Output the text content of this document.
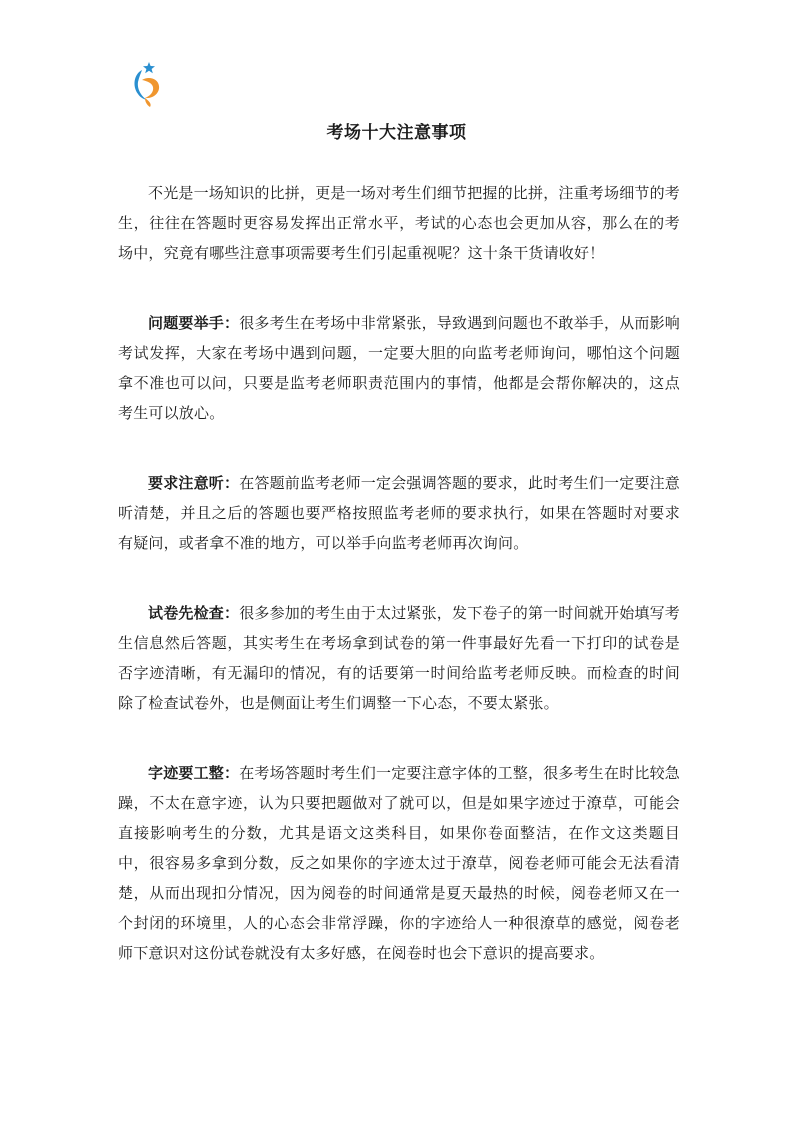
考场十大注意事项

不光是一场知识的比拼，更是一场对考生们细节把握的比拼，注重考场细节的考生，往往在答题时更容易发挥出正常水平，考试的心态也会更加从容，那么在的考场中，究竟有哪些注意事项需要考生们引起重视呢？这十条干货请收好！

问题要举手：很多考生在考场中非常紧张，导致遇到问题也不敢举手，从而影响考试发挥，大家在考场中遇到问题，一定要大胆的向监考老师询问，哪怕这个问题拿不准也可以问，只要是监考老师职责范围内的事情，他都是会帮你解决的，这点考生可以放心。

要求注意听：在答题前监考老师一定会强调答题的要求，此时考生们一定要注意听清楚，并且之后的答题也要严格按照监考老师的要求执行，如果在答题时对要求有疑问，或者拿不准的地方，可以举手向监考老师再次询问。

试卷先检查：很多参加的考生由于太过紧张，发下卷子的第一时间就开始填写考生信息然后答题，其实考生在考场拿到试卷的第一件事最好先看一下打印的试卷是否字迹清晰，有无漏印的情况，有的话要第一时间给监考老师反映。而检查的时间除了检查试卷外，也是侧面让考生们调整一下心态，不要太紧张。

字迹要工整：在考场答题时考生们一定要注意字体的工整，很多考生在时比较急躁，不太在意字迹，认为只要把题做对了就可以，但是如果字迹过于潦草，可能会直接影响考生的分数，尤其是语文这类科目，如果你卷面整洁，在作文这类题目中，很容易多拿到分数，反之如果你的字迹太过于潦草，阅卷老师可能会无法看清楚，从而出现扣分情况，因为阅卷的时间通常是夏天最热的时候，阅卷老师又在一个封闭的环境里，人的心态会非常浮躁，你的字迹给人一种很潦草的感觉，阅卷老师下意识对这份试卷就没有太多好感，在阅卷时也会下意识的提高要求。
